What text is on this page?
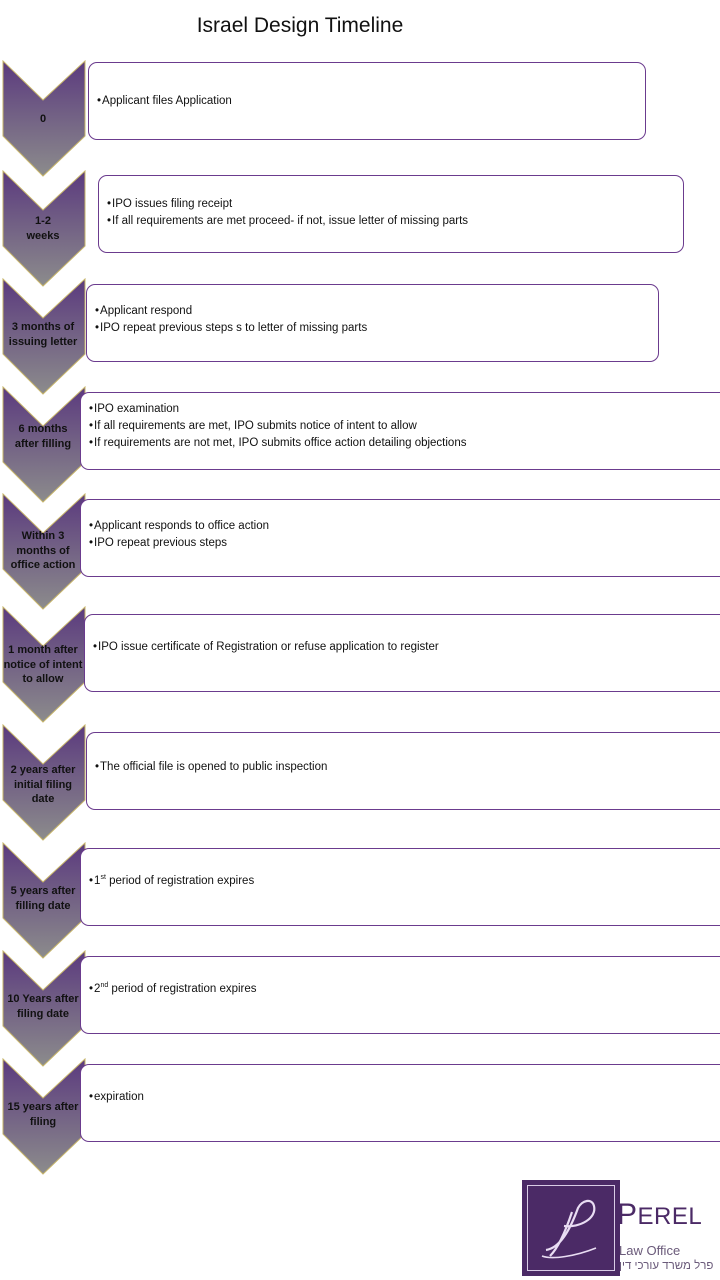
Israel Design Timeline
• Applicant files Application
0
• IPO issues filing receipt
• If all requirements are met proceed- if not, issue letter of missing parts
1-2
weeks
• Applicant respond
• IPO repeat previous steps s to letter of missing parts
3 months of
issuing letter
• IPO examination
• If all requirements are met, IPO submits notice of intent to allow
• If requirements are not met, IPO submits office action detailing objections
6 months
after filling
• Applicant responds to office action
• IPO repeat previous steps
Within 3
months of
office action
• IPO issue certificate of Registration or refuse application to register
1 month after
notice of intent
to allow
• The official file is opened to public inspection
2 years after
initial filing
date
• 1st period of registration expires
5 years after
filling date
• 2nd period of registration expires
10 Years after
filing date
• expiration
15 years after
filing
PEREL
Law Office
פרל משרד עורכי דין
